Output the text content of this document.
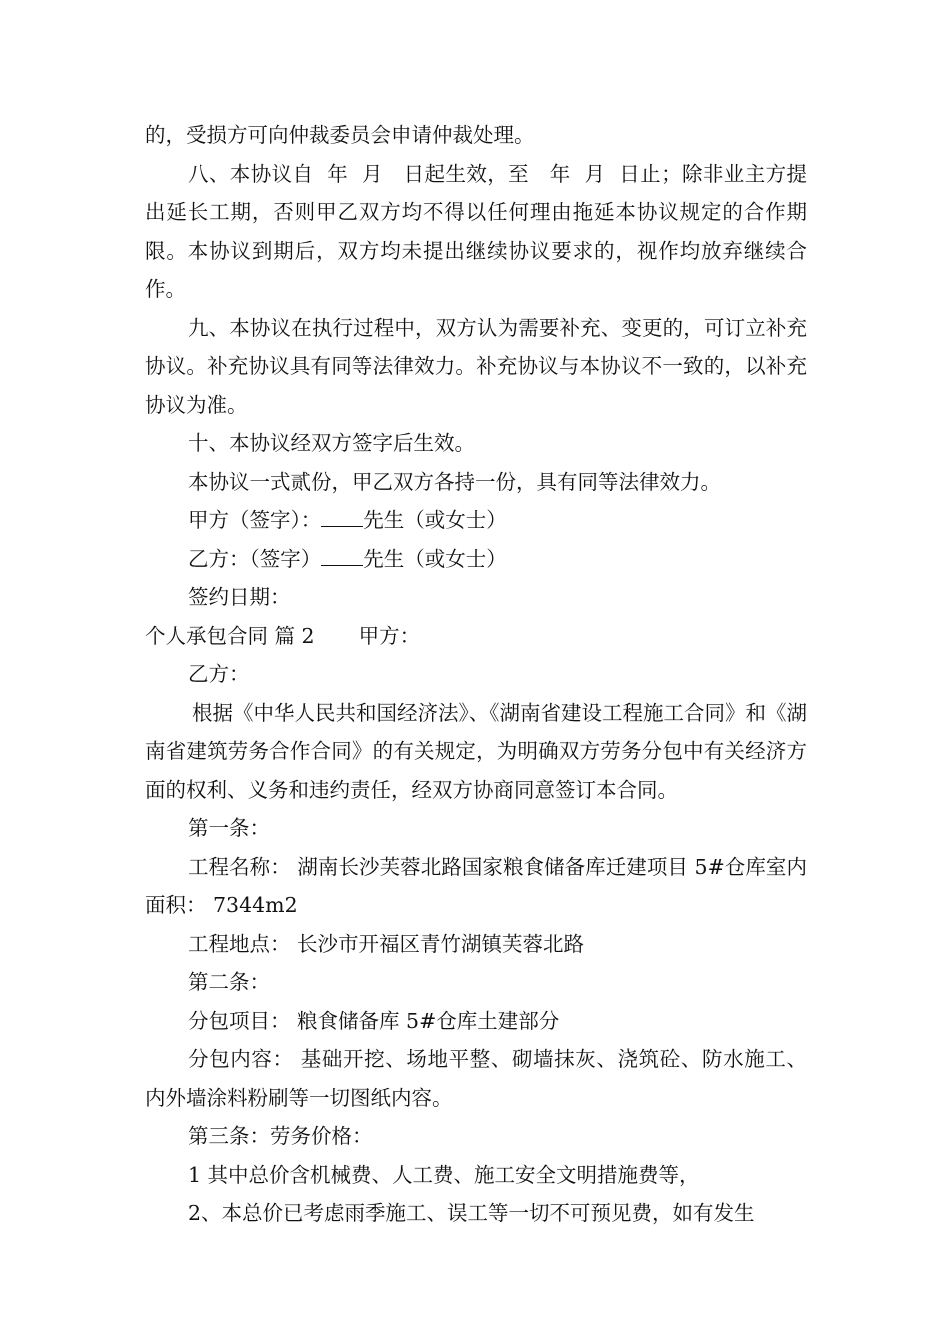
的，受损方可向仲裁委员会申请仲裁处理。

八、本协议自  年  月   日起生效，至   年  月  日止；除非业主方提出延长工期，否则甲乙双方均不得以任何理由拖延本协议规定的合作期限。本协议到期后，双方均未提出继续协议要求的，视作均放弃继续合作。

九、本协议在执行过程中，双方认为需要补充、变更的，可订立补充协议。补充协议具有同等法律效力。补充协议与本协议不一致的，以补充协议为准。

十、本协议经双方签字后生效。

本协议一式贰份，甲乙双方各持一份，具有同等法律效力。

甲方（签字）： 先生（或女士）

乙方：（签字） 先生（或女士）

签约日期：

个人承包合同 篇 2 甲方：

乙方：

根据《中华人民共和国经济法》、《湖南省建设工程施工合同》和《湖南省建筑劳务合作合同》的有关规定，为明确双方劳务分包中有关经济方面的权利、义务和违约责任，经双方协商同意签订本合同。

第一条：

工程名称： 湖南长沙芙蓉北路国家粮食储备库迁建项目 5#仓库室内面积： 7344m2

工程地点： 长沙市开福区青竹湖镇芙蓉北路

第二条：

分包项目： 粮食储备库 5#仓库土建部分

分包内容： 基础开挖、场地平整、砌墙抹灰、浇筑砼、防水施工、内外墙涂料粉刷等一切图纸内容。

第三条：劳务价格：

1 其中总价含机械费、人工费、施工安全文明措施费等，

2、本总价已考虑雨季施工、误工等一切不可预见费，如有发生
